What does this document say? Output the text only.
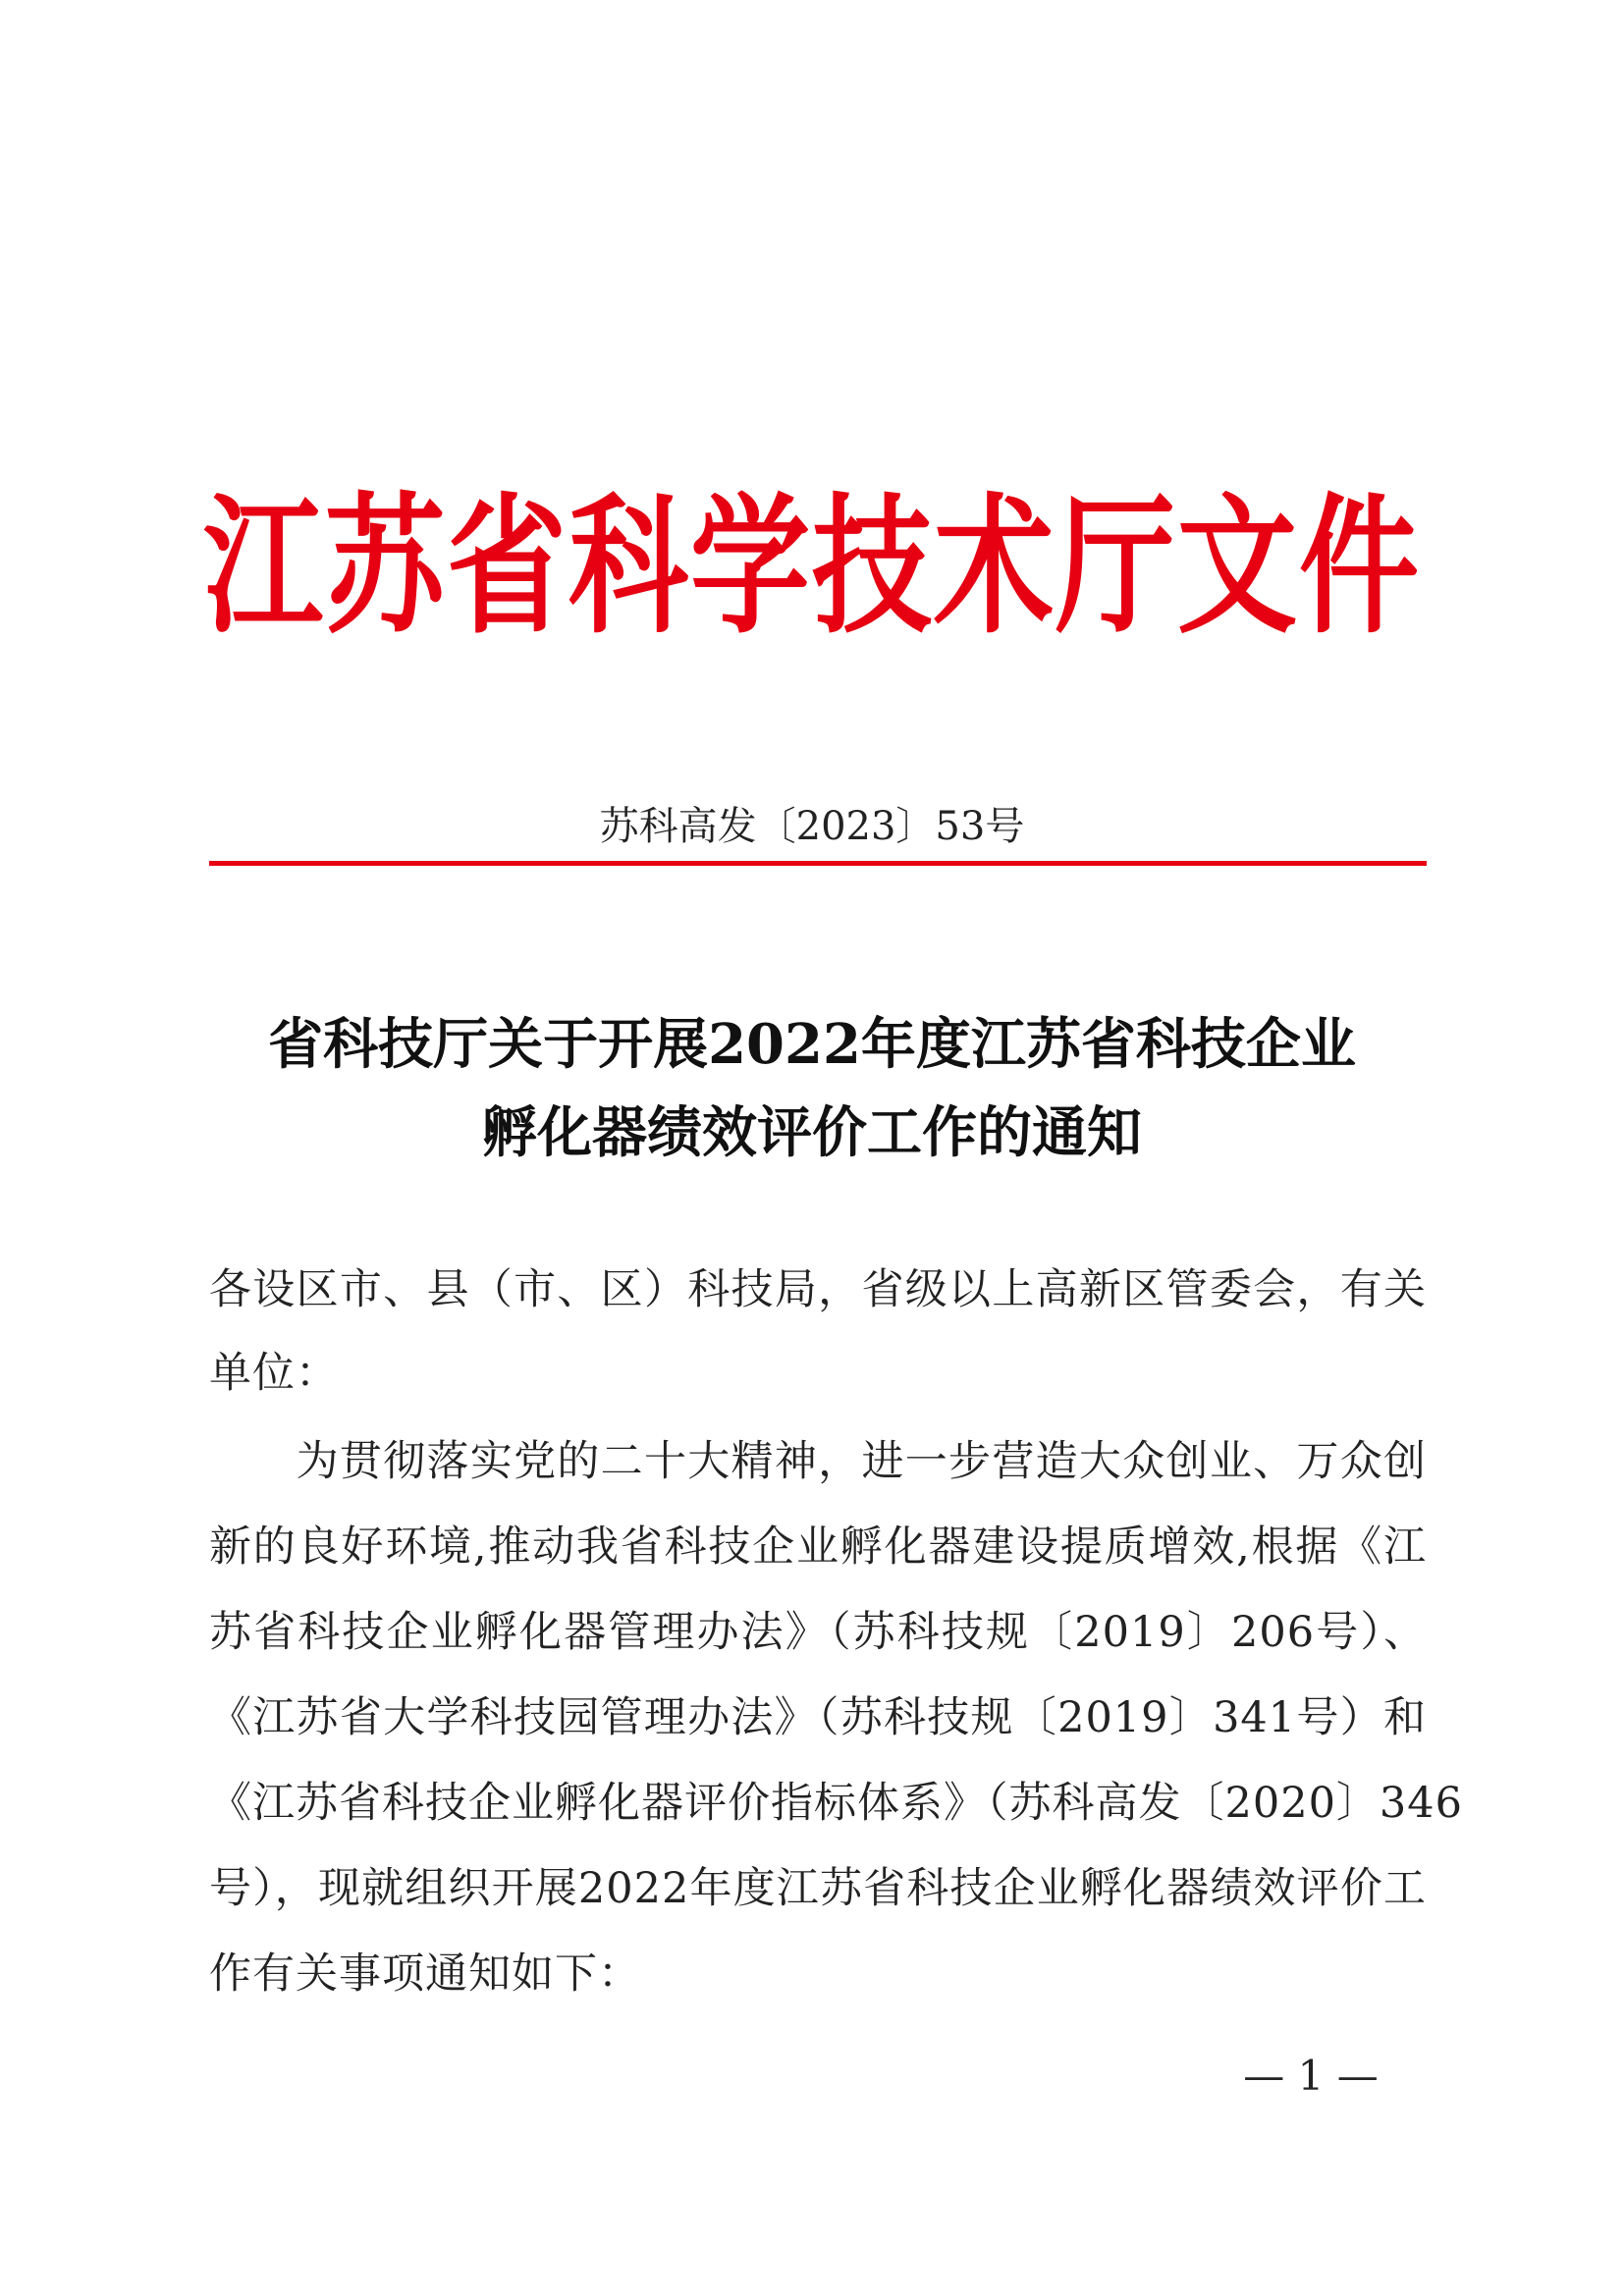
江苏省科学技术厅文件
苏科高发〔2023〕53号
省科技厅关于开展2022年度江苏省科技企业
孵化器绩效评价工作的通知
各设区市、县（市、区）科技局，省级以上高新区管委会，有关
单位：
　　为贯彻落实党的二十大精神，进一步营造大众创业、万众创
新的良好环境,推动我省科技企业孵化器建设提质增效,根据《江
苏省科技企业孵化器管理办法》（苏科技规〔2019〕206号）、
《江苏省大学科技园管理办法》（苏科技规〔2019〕341号）和
《江苏省科技企业孵化器评价指标体系》（苏科高发〔2020〕346
号），现就组织开展2022年度江苏省科技企业孵化器绩效评价工
作有关事项通知如下：
— 1 —
